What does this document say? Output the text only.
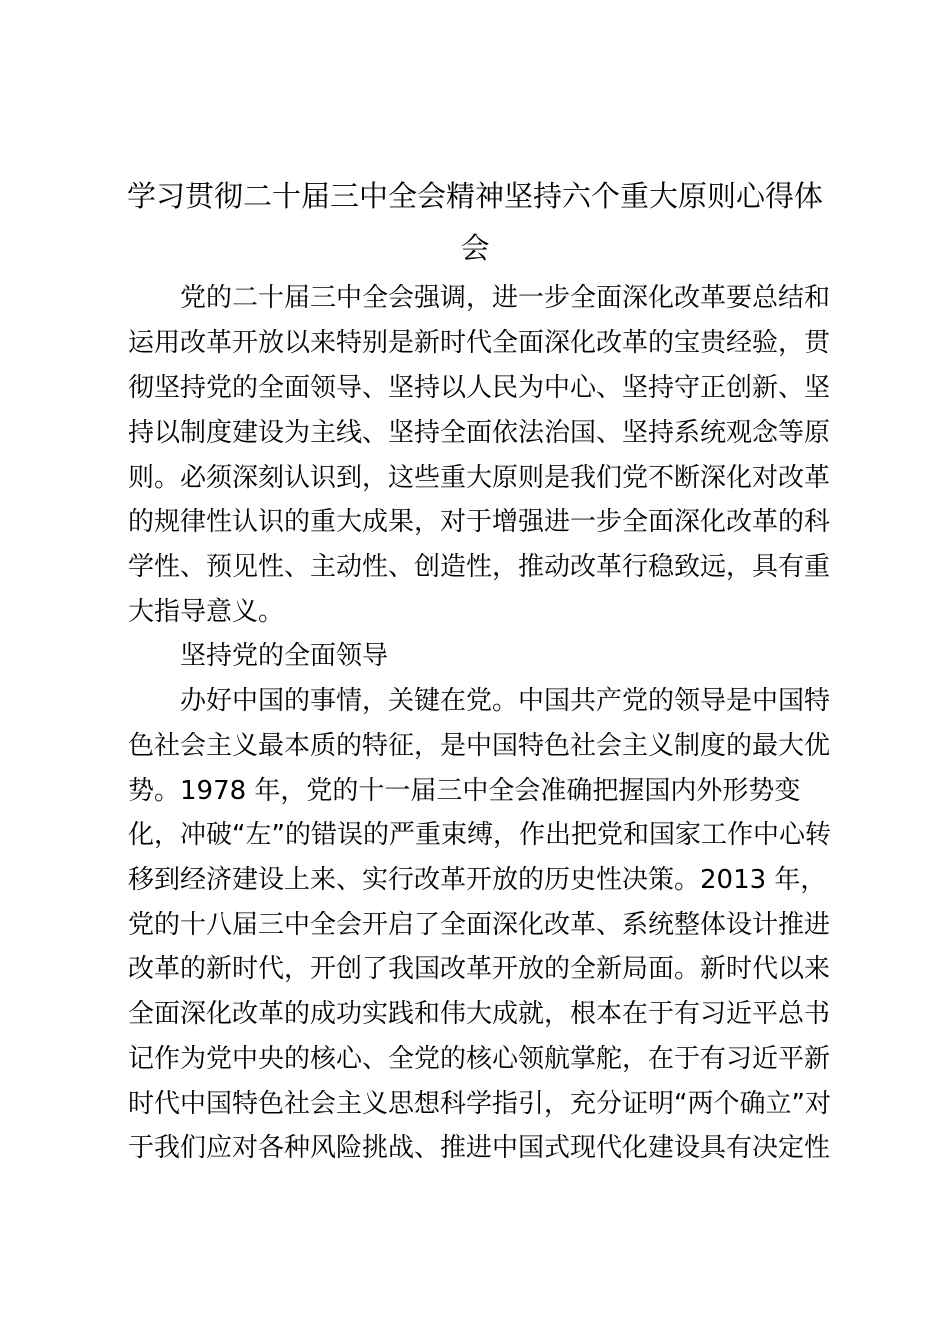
学习贯彻二十届三中全会精神坚持六个重大原则心得体
会

党的二十届三中全会强调，进一步全面深化改革要总结和

运用改革开放以来特别是新时代全面深化改革的宝贵经验，贯

彻坚持党的全面领导、坚持以人民为中心、坚持守正创新、坚

持以制度建设为主线、坚持全面依法治国、坚持系统观念等原

则。必须深刻认识到，这些重大原则是我们党不断深化对改革

的规律性认识的重大成果，对于增强进一步全面深化改革的科

学性、预见性、主动性、创造性，推动改革行稳致远，具有重

大指导意义。

坚持党的全面领导

办好中国的事情，关键在党。中国共产党的领导是中国特

色社会主义最本质的特征，是中国特色社会主义制度的最大优

势。1978 年，党的十一届三中全会准确把握国内外形势变

化，冲破“左”的错误的严重束缚，作出把党和国家工作中心转

移到经济建设上来、实行改革开放的历史性决策。2013 年，

党的十八届三中全会开启了全面深化改革、系统整体设计推进

改革的新时代，开创了我国改革开放的全新局面。新时代以来

全面深化改革的成功实践和伟大成就，根本在于有习近平总书

记作为党中央的核心、全党的核心领航掌舵，在于有习近平新

时代中国特色社会主义思想科学指引，充分证明“两个确立”对

于我们应对各种风险挑战、推进中国式现代化建设具有决定性
